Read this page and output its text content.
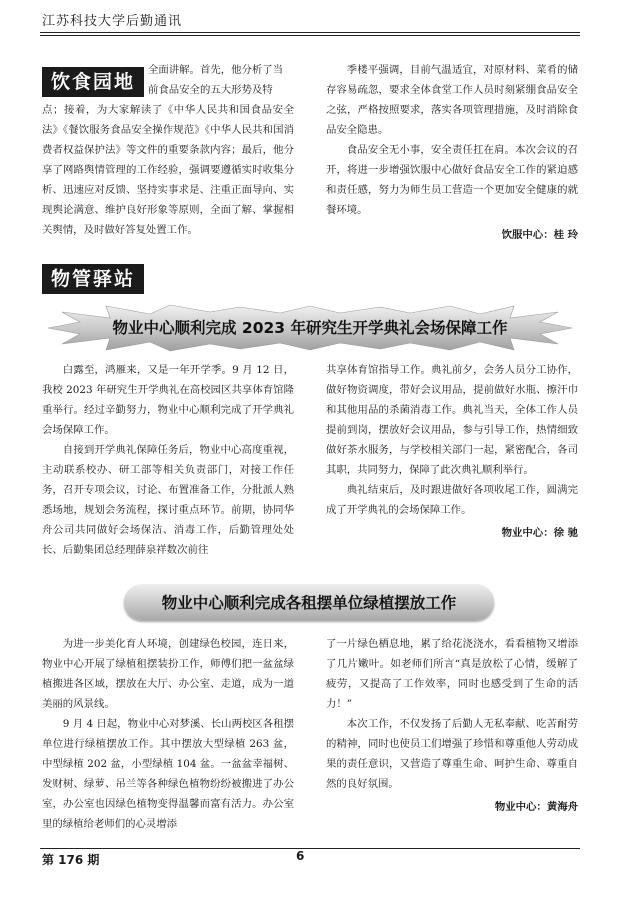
江苏科技大学后勤通讯
饮食园地
全面讲解。首先，他分析了当
前食品安全的五大形势及特
点；接着，为大家解读了《中华人民共和国食品安全法》《餐饮服务食品安全操作规范》《中华人民共和国消费者权益保护法》等文件的重要条款内容；最后，他分享了网路舆情管理的工作经验，强调要遵循实时收集分析、迅速应对反馈、坚持实事求是、注重正面导向、实现舆论满意、维护良好形象等原则，全面了解、掌握相关舆情，及时做好答复处置工作。

季楼平强调，目前气温适宜，对原材料、菜肴的储存容易疏忽，要求全体食堂工作人员时刻紧绷食品安全之弦，严格按照要求，落实各项管理措施，及时消除食品安全隐患。

食品安全无小事，安全责任扛在肩。本次会议的召开，将进一步增强饮服中心做好食品安全工作的紧迫感和责任感，努力为师生员工营造一个更加安全健康的就餐环境。

饮服中心：桂 玲
物管驿站
物业中心顺利完成 2023 年研究生开学典礼会场保障工作

白露至，鸿雁来，又是一年开学季。9 月 12 日，我校 2023 年研究生开学典礼在高校园区共享体育馆隆重举行。经过辛勤努力，物业中心顺利完成了开学典礼会场保障工作。

自接到开学典礼保障任务后，物业中心高度重视，主动联系校办、研工部等相关负责部门，对接工作任务，召开专项会议，讨论、布置准备工作，分批派人熟悉场地，规划会务流程，探讨重点环节。前期，协同华舟公司共同做好会场保洁、消毒工作，后勤管理处处长、后勤集团总经理薛泉祥数次前往

共享体育馆指导工作。典礼前夕，会务人员分工协作，做好物资调度，带好会议用品，提前做好水瓶、擦汗巾和其他用品的杀菌消毒工作。典礼当天，全体工作人员提前到岗，摆放好会议用品，参与引导工作，热情细致做好茶水服务，与学校相关部门一起，紧密配合，各司其职，共同努力，保障了此次典礼顺利举行。

典礼结束后，及时跟进做好各项收尾工作，圆满完成了开学典礼的会场保障工作。

物业中心：徐 驰
物业中心顺利完成各租摆单位绿植摆放工作

为进一步美化育人环境，创建绿色校园，连日来，物业中心开展了绿植租摆装扮工作，师傅们把一盆盆绿植搬进各区域，摆放在大厅、办公室、走道，成为一道美丽的风景线。

9 月 4 日起，物业中心对梦溪、长山两校区各租摆单位进行绿植摆放工作。其中摆放大型绿植 263 盆，中型绿植 202 盆，小型绿植 104 盆。一盆盆幸福树、发财树、绿萝、吊兰等各种绿色植物纷纷被搬进了办公室，办公室也因绿色植物变得温馨而富有活力。办公室里的绿植给老师们的心灵增添

了一片绿色栖息地，累了给花浇浇水，看看植物又增添了几片嫩叶。如老师们所言“真是放松了心情，缓解了疲劳，又提高了工作效率，同时也感受到了生命的活力！”

本次工作，不仅发扬了后勤人无私奉献、吃苦耐劳的精神，同时也使员工们增强了珍惜和尊重他人劳动成果的责任意识，又营造了尊重生命、呵护生命、尊重自然的良好氛围。

物业中心：黄海舟
第 176 期	6
